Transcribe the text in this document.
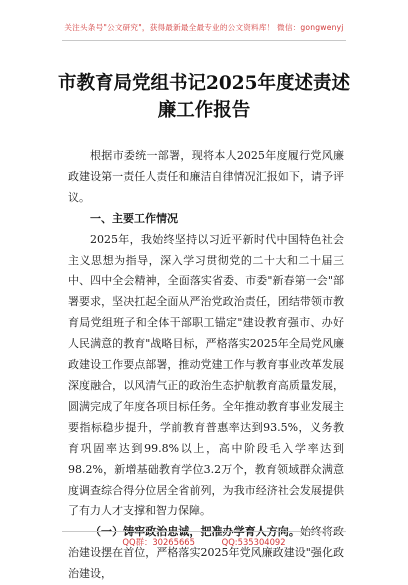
关注头条号"公文研究"，获得最新最全最专业的公文资料库！ 微信：gongwenyj
市教育局党组书记2025年度述责述廉工作报告

根据市委统一部署，现将本人2025年度履行党风廉政建设第一责任人责任和廉洁自律情况汇报如下，请予评议。

一、主要工作情况

2025年，我始终坚持以习近平新时代中国特色社会主义思想为指导，深入学习贯彻党的二十大和二十届三中、四中全会精神，全面落实省委、市委"新春第一会"部署要求，坚决扛起全面从严治党政治责任，团结带领市教育局党组班子和全体干部职工锚定"建设教育强市、办好人民满意的教育"战略目标，严格落实2025年全局党风廉政建设工作要点部署，推动党建工作与教育事业改革发展深度融合，以风清气正的政治生态护航教育高质量发展，圆满完成了年度各项目标任务。全年推动教育事业发展主要指标稳步提升，学前教育普惠率达到93.5%，义务教育巩固率达到99.8%以上，高中阶段毛入学率达到98.2%，新增基础教育学位3.2万个，教育领域群众满意度调查综合得分位居全省前列，为我市经济社会发展提供了有力人才支撑和智力保障。

治建设摆在首位，严格落实2025年党风廉政建设"强化政治建设，

QQ群：30265665	QQ:535304092
